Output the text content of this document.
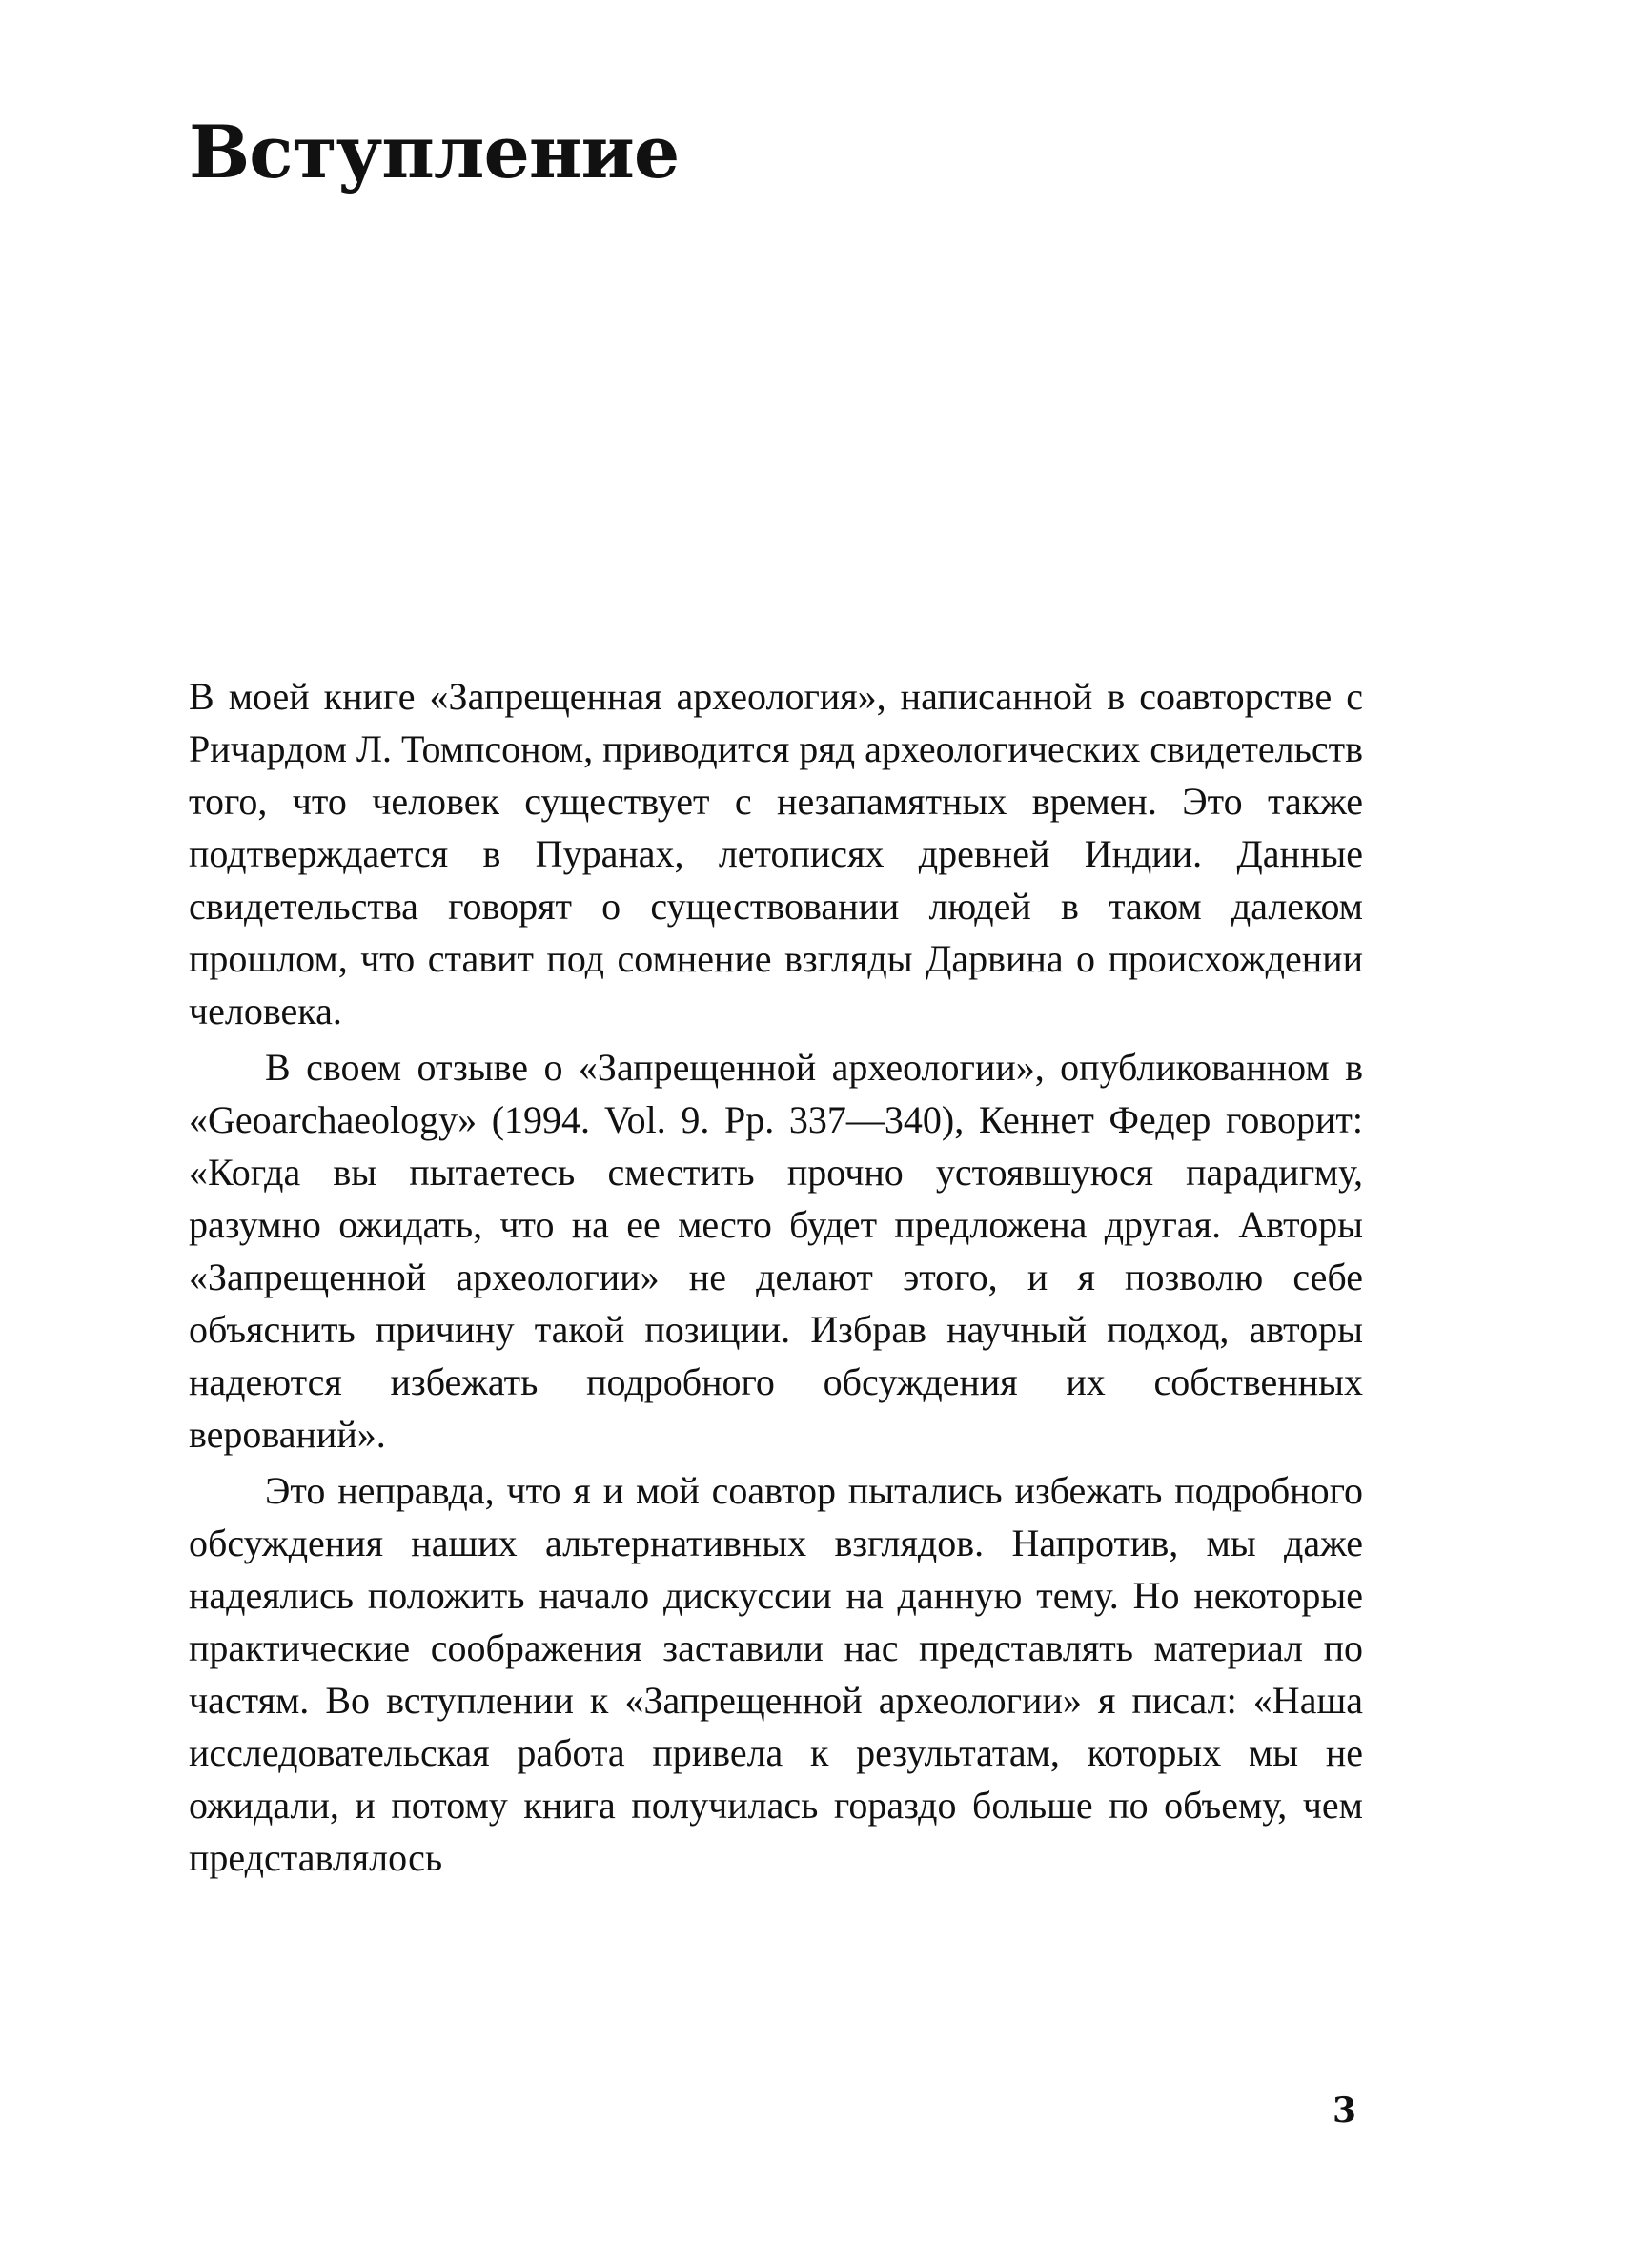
Вступление

В моей книге «Запрещенная археология», написанной в соавторстве с Ричардом Л. Томпсоном, приводится ряд археологических свидетельств того, что человек существует с незапамятных времен. Это также подтверждается в Пуранах, летописях древней Индии. Данные свидетельства говорят о существовании людей в таком далеком прошлом, что ставит под сомнение взгляды Дарвина о происхождении человека.

В своем отзыве о «Запрещенной археологии», опубликованном в «Geoarchaeology» (1994. Vol. 9. Pp. 337—340), Кеннет Федер говорит: «Когда вы пытаетесь сместить прочно устоявшуюся парадигму, разумно ожидать, что на ее место будет предложена другая. Авторы «Запрещенной археологии» не делают этого, и я позволю себе объяснить причину такой позиции. Избрав научный подход, авторы надеются избежать подробного обсуждения их собственных верований».

Это неправда, что я и мой соавтор пытались избежать подробного обсуждения наших альтернативных взглядов. Напротив, мы даже надеялись положить начало дискуссии на данную тему. Но некоторые практические соображения заставили нас представлять материал по частям. Во вступлении к «Запрещенной археологии» я писал: «Наша исследовательская работа привела к результатам, которых мы не ожидали, и потому книга получилась гораздо больше по объему, чем представлялось

3
